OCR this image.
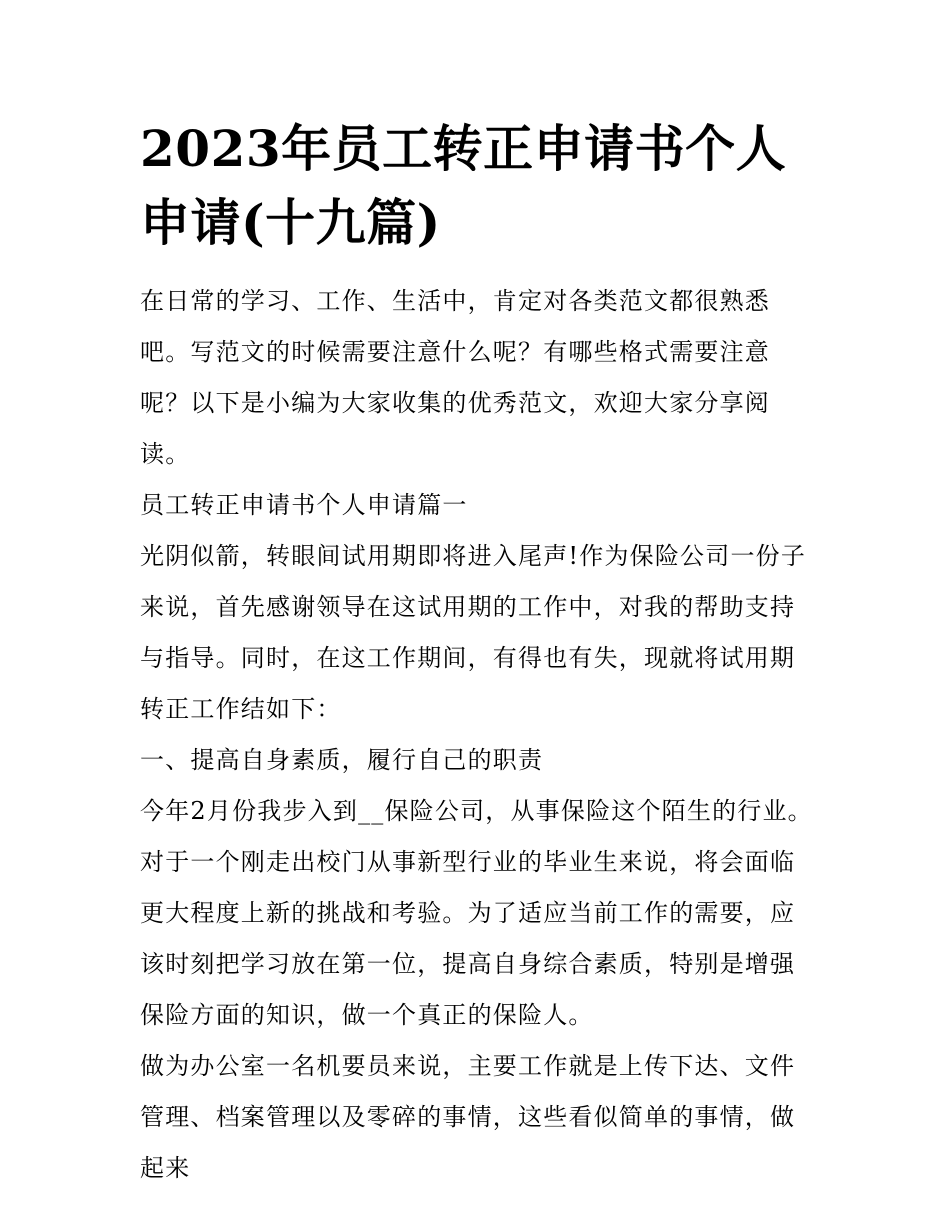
2023年员工转正申请书个人申请(十九篇)

在日常的学习、工作、生活中，肯定对各类范文都很熟悉吧。写范文的时候需要注意什么呢？有哪些格式需要注意呢？以下是小编为大家收集的优秀范文，欢迎大家分享阅读。

员工转正申请书个人申请篇一

光阴似箭，转眼间试用期即将进入尾声!作为保险公司一份子来说，首先感谢领导在这试用期的工作中，对我的帮助支持与指导。同时，在这工作期间，有得也有失，现就将试用期转正工作结如下：

一、提高自身素质，履行自己的职责

今年2月份我步入到__保险公司，从事保险这个陌生的行业。对于一个刚走出校门从事新型行业的毕业生来说，将会面临更大程度上新的挑战和考验。为了适应当前工作的需要，应该时刻把学习放在第一位，提高自身综合素质，特别是增强保险方面的知识，做一个真正的保险人。

做为办公室一名机要员来说，主要工作就是上传下达、文件管理、档案管理以及零碎的事情，这些看似简单的事情，做起来
